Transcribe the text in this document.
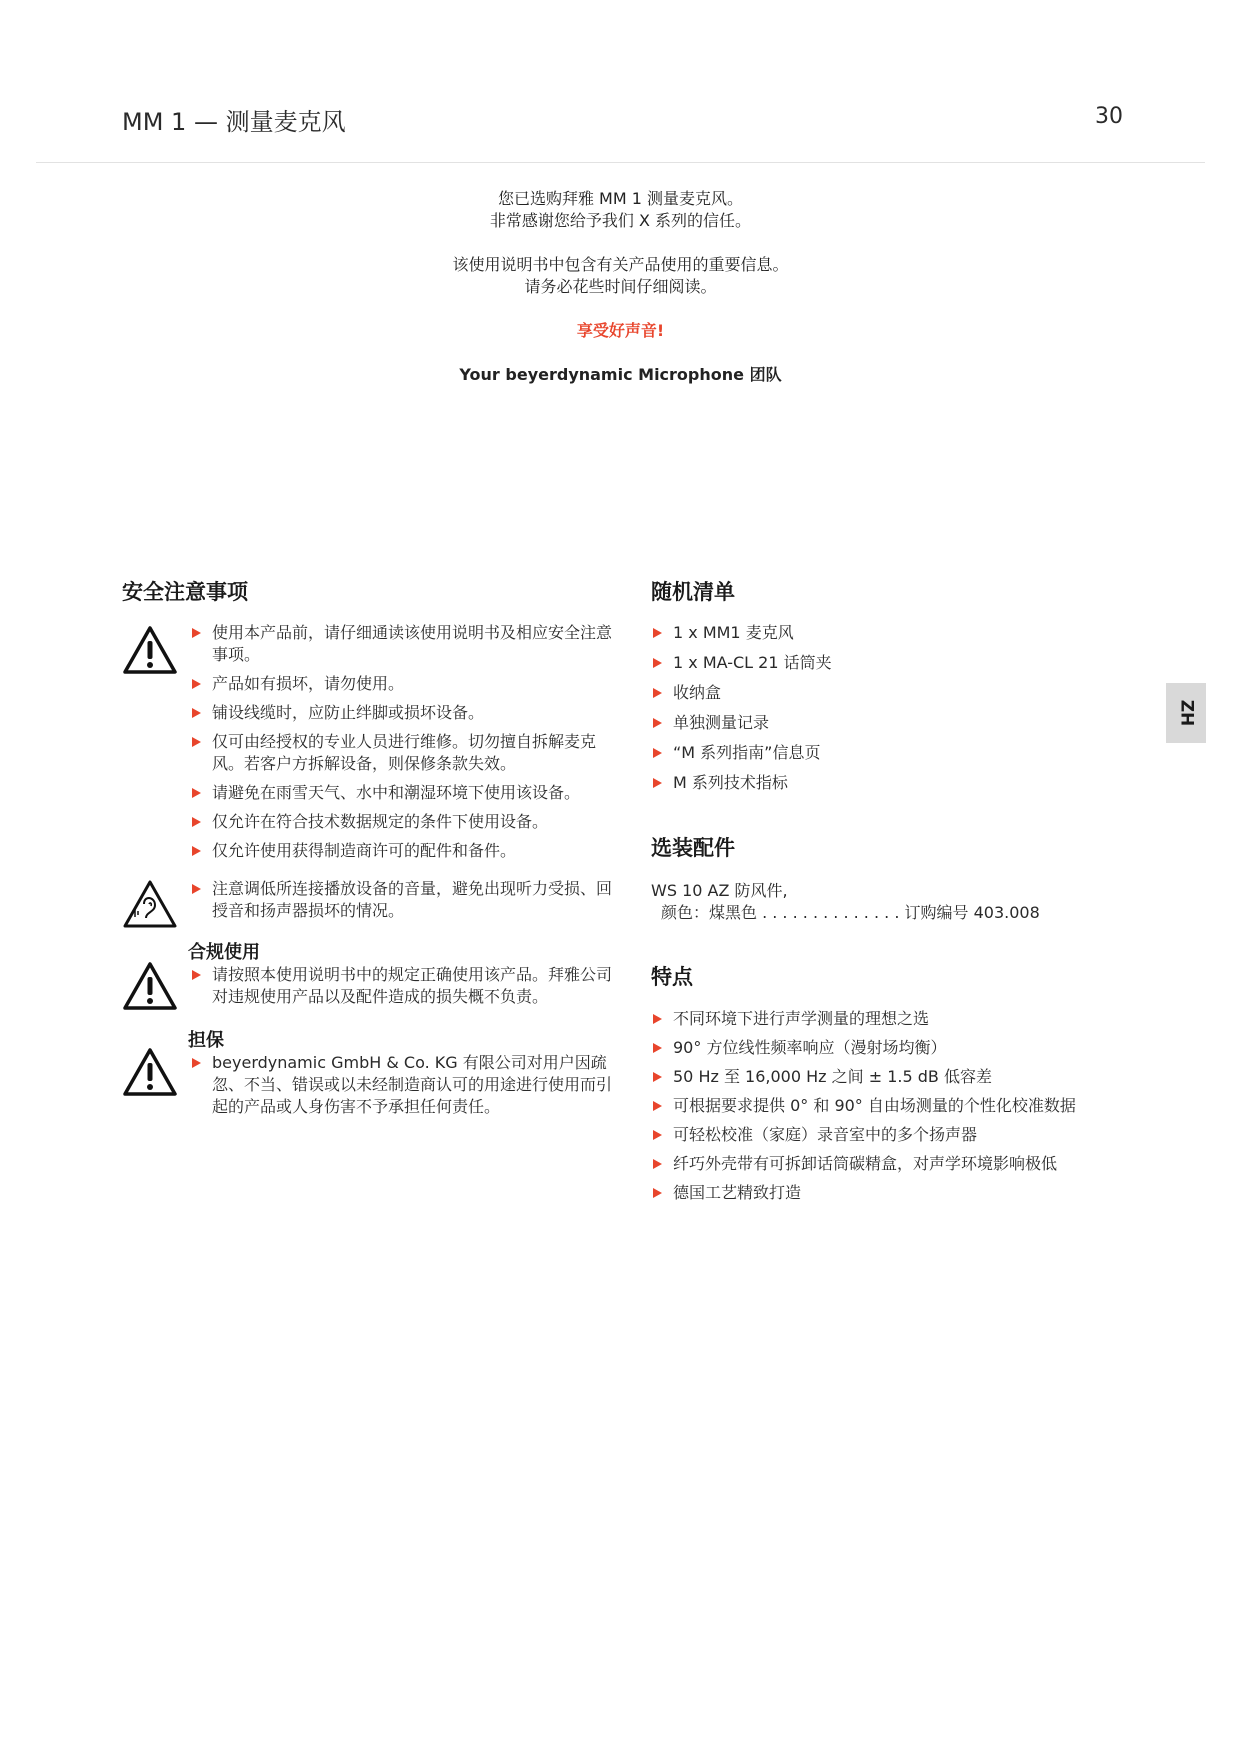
MM 1 — 测量麦克风	30

您已选购拜雅 MM 1 测量麦克风。

非常感谢您给予我们 X 系列的信任。

该使用说明书中包含有关产品使用的重要信息。

请务必花些时间仔细阅读。

享受好声音!

Your beyerdynamic Microphone 团队

安全注意事项
使用本产品前，请仔细通读该使用说明书及相应安全注意事项。
产品如有损坏，请勿使用。
铺设线缆时，应防止绊脚或损坏设备。
仅可由经授权的专业人员进行维修。切勿擅自拆解麦克风。若客户方拆解设备，则保修条款失效。
请避免在雨雪天气、水中和潮湿环境下使用该设备。
仅允许在符合技术数据规定的条件下使用设备。
仅允许使用获得制造商许可的配件和备件。
注意调低所连接播放设备的音量，避免出现听力受损、回授音和扬声器损坏的情况。
合规使用
请按照本使用说明书中的规定正确使用该产品。拜雅公司对违规使用产品以及配件造成的损失概不负责。
担保
beyerdynamic GmbH & Co. KG 有限公司对用户因疏忽、不当、错误或以未经制造商认可的用途进行使用而引起的产品或人身伤害不予承担任何责任。
随机清单
1 x MM1 麦克风
1 x MA-CL 21 话筒夹
收纳盒
单独测量记录
“M 系列指南”信息页
M 系列技术指标
选装配件
WS 10 AZ 防风件,
颜色：煤黑色 . . . . . . . . . . . . . . 订购编号 403.008
特点
不同环境下进行声学测量的理想之选
90° 方位线性频率响应（漫射场均衡）
50 Hz 至 16,000 Hz 之间 ± 1.5 dB 低容差
可根据要求提供 0° 和 90° 自由场测量的个性化校准数据
可轻松校准（家庭）录音室中的多个扬声器
纤巧外壳带有可拆卸话筒碳精盒，对声学环境影响极低
德国工艺精致打造
ZH
